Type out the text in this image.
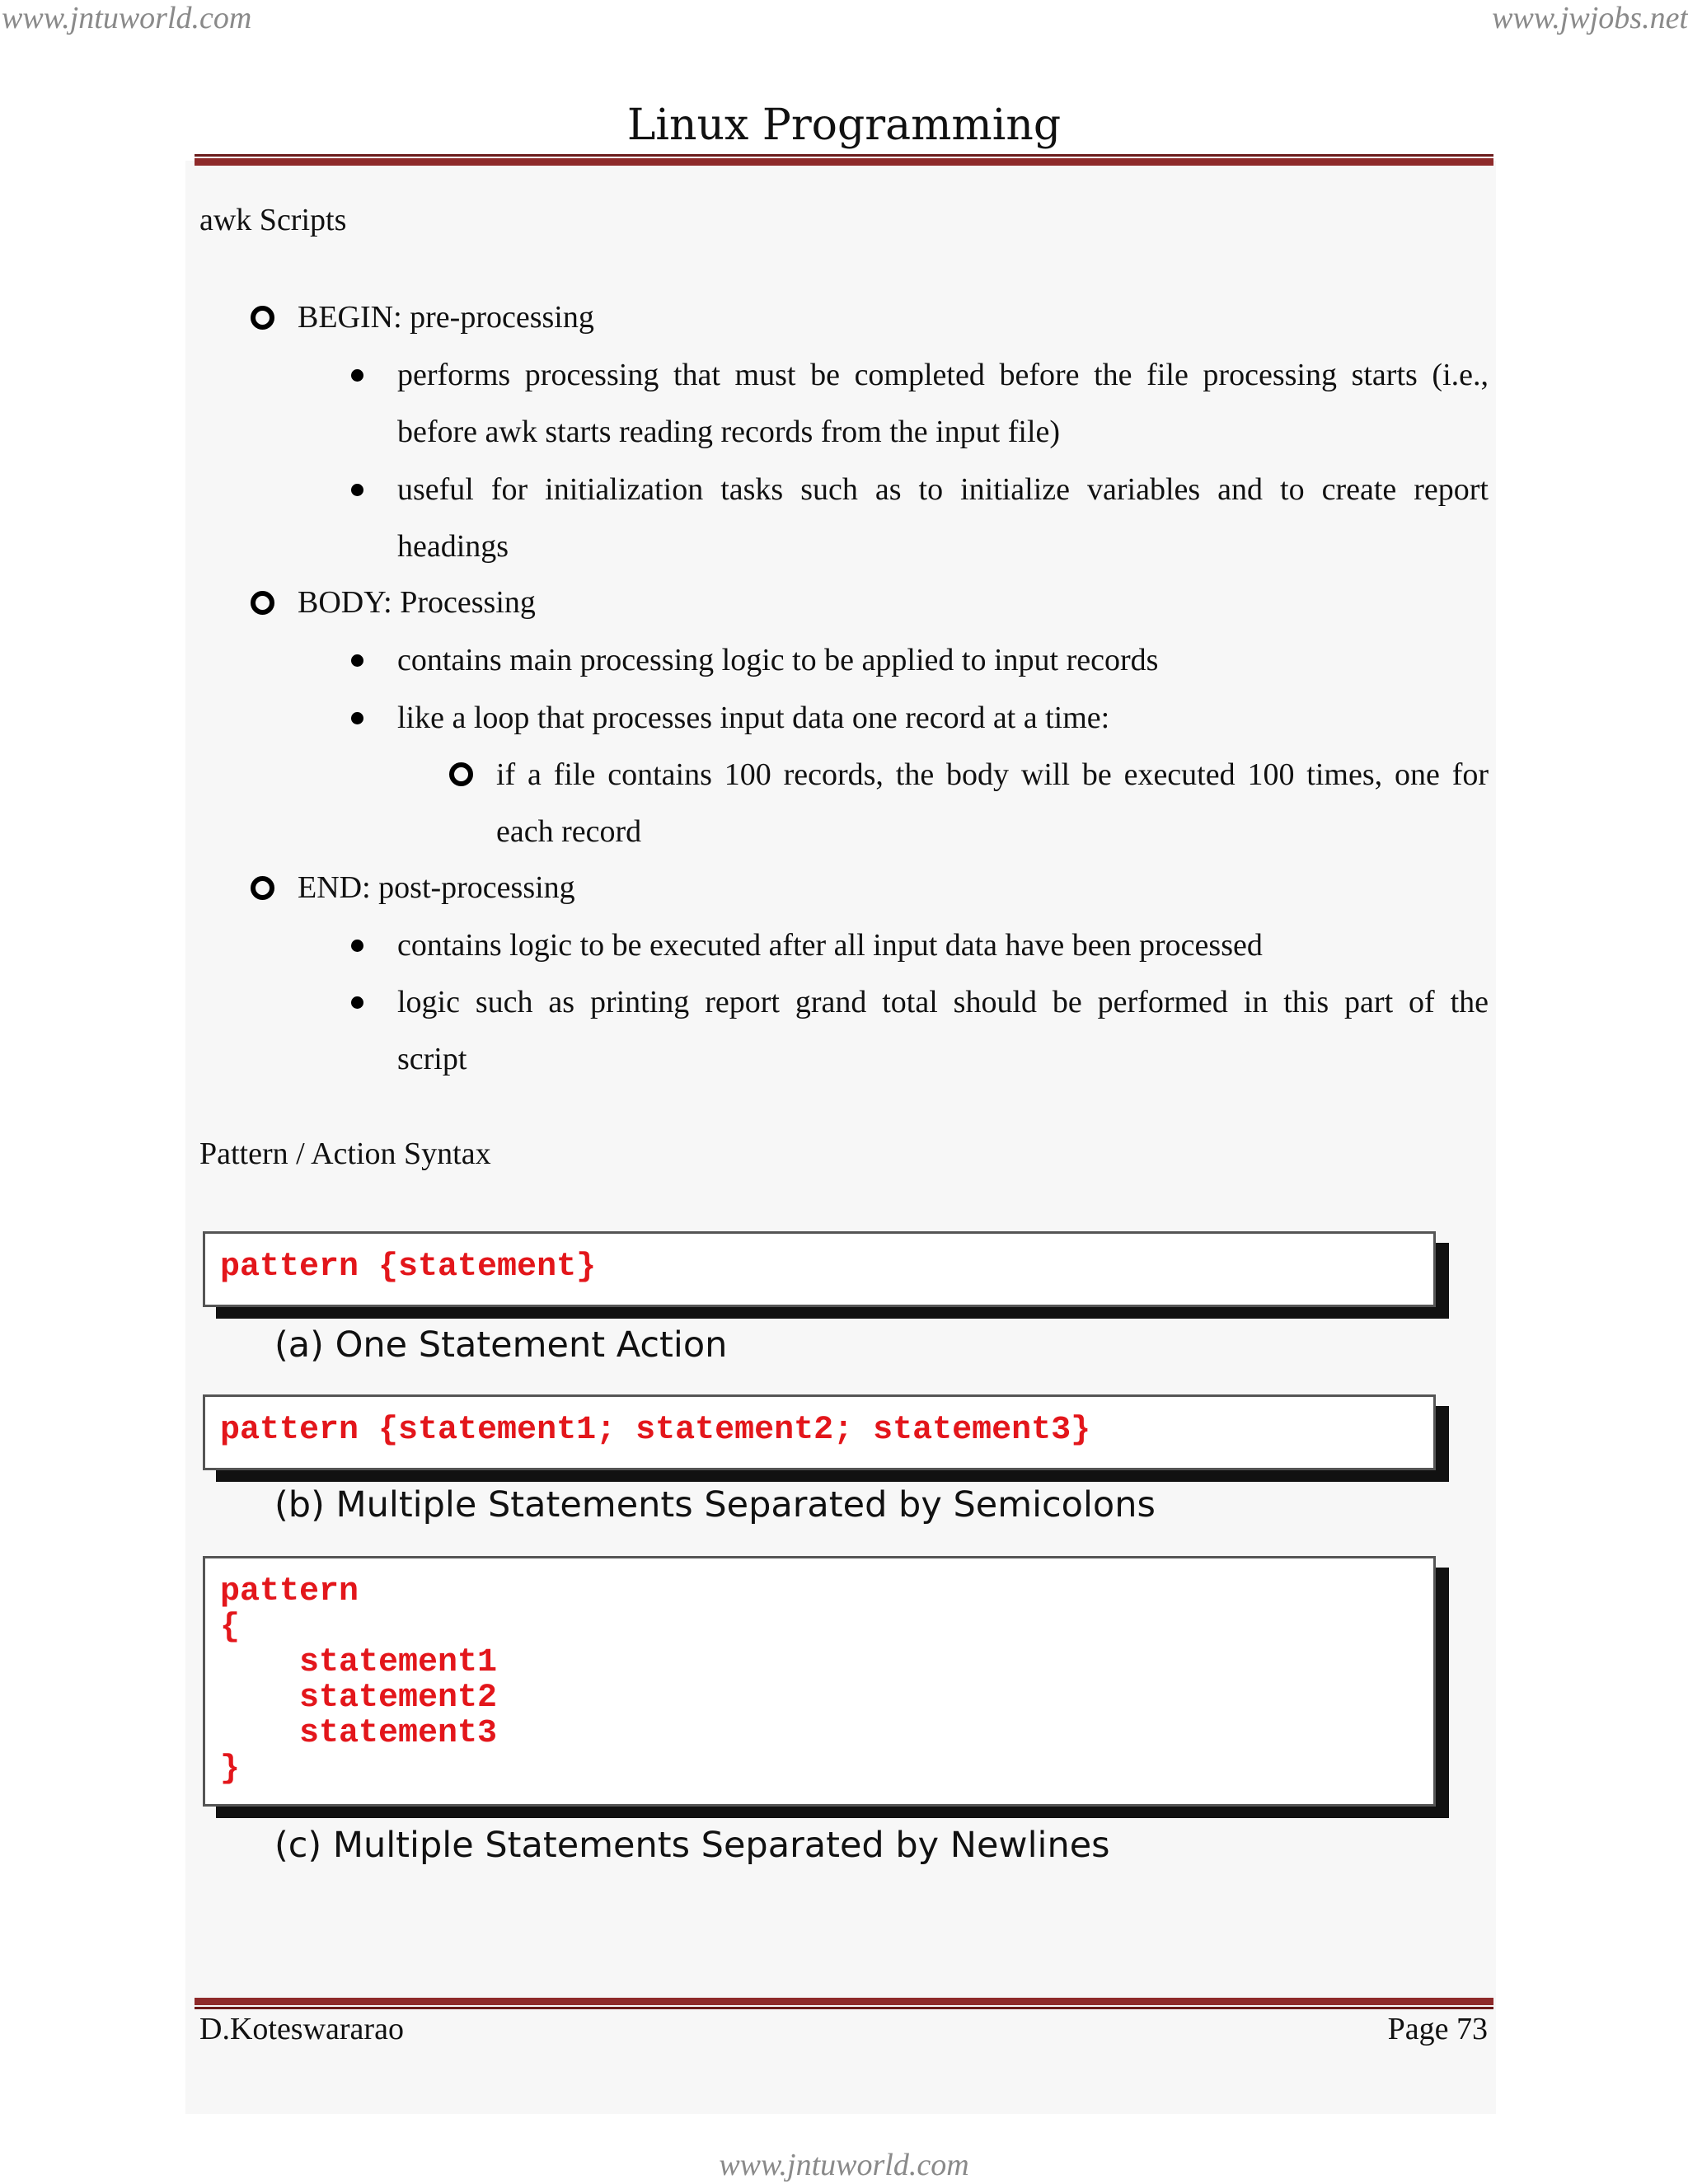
www.jntuworld.com	www.jwjobs.net
Linux Programming
awk Scripts
BEGIN: pre-processing
performs processing that must be completed before the file processing starts (i.e.,
before awk starts reading records from the input file)
useful for initialization tasks such as to initialize variables and to create report
headings
BODY: Processing
contains main processing logic to be applied to input records
like a loop that processes input data one record at a time:
if a file contains 100 records, the body will be executed 100 times, one for
each record
END: post-processing
contains logic to be executed after all input data have been processed
logic such as printing report grand total should be performed in this part of the
script
Pattern / Action Syntax
pattern {statement}
(a) One Statement Action
pattern {statement1; statement2; statement3}
(b) Multiple Statements Separated by Semicolons
pattern
{
statement1
statement2
statement3
}
(c) Multiple Statements Separated by Newlines
D.Koteswararao	Page 73
www.jntuworld.com
